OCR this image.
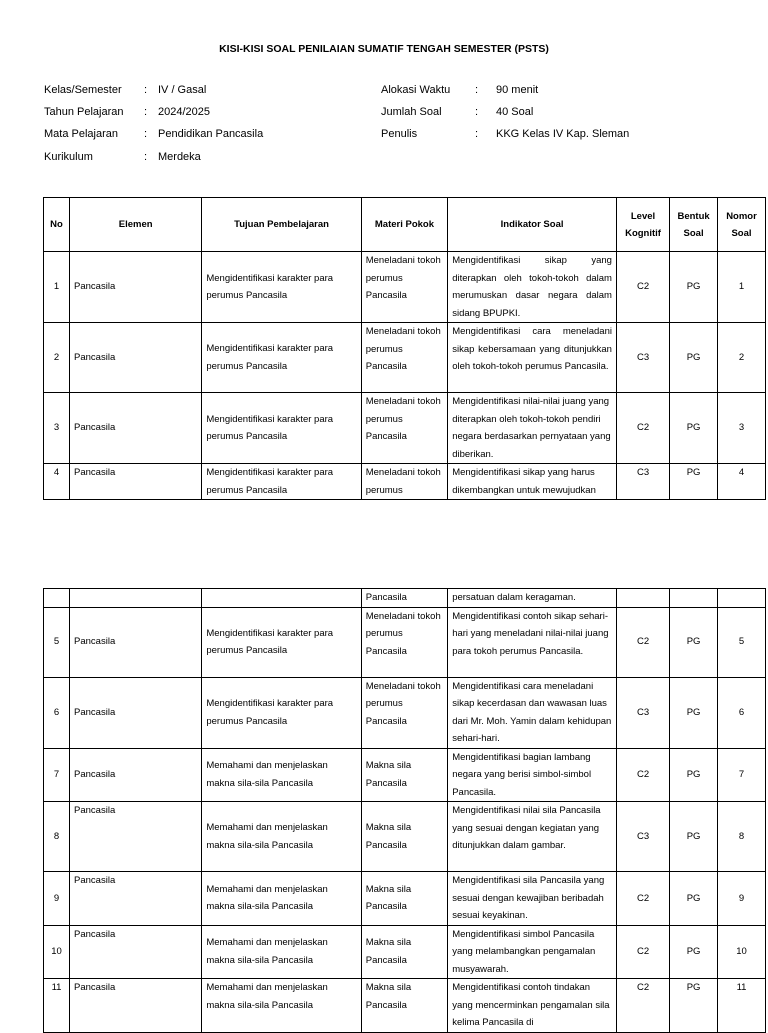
KISI-KISI SOAL PENILAIAN SUMATIF TENGAH SEMESTER (PSTS)
Kelas/Semester : IV / Gasal
Tahun Pelajaran : 2024/2025
Mata Pelajaran : Pendidikan Pancasila
Kurikulum	: Merdeka
Alokasi Waktu : 90 menit
Jumlah Soal	: 40 Soal
Penulis	: KKG Kelas IV Kap. Sleman
No	Elemen	Tujuan Pembelajaran	Materi Pokok	Indikator Soal	Level Kognitif	Bentuk Soal	Nomor Soal
1	Pancasila	Mengidentifikasi karakter para perumus Pancasila	Meneladani tokoh perumus Pancasila	Mengidentifikasi sikap yang diterapkan oleh tokoh-tokoh dalam merumuskan dasar negara dalam sidang BPUPKI.	C2	PG	1
2	Pancasila	Mengidentifikasi karakter para perumus Pancasila	Meneladani tokoh perumus Pancasila	Mengidentifikasi cara meneladani sikap kebersamaan yang ditunjukkan oleh tokoh-tokoh perumus Pancasila.	C3	PG	2
3	Pancasila	Mengidentifikasi karakter para perumus Pancasila	Meneladani tokoh perumus Pancasila	Mengidentifikasi nilai-nilai juang yang diterapkan oleh tokoh-tokoh pendiri negara berdasarkan pernyataan yang diberikan.	C2	PG	3
4	Pancasila	Mengidentifikasi karakter para perumus Pancasila	Meneladani tokoh perumus	Mengidentifikasi sikap yang harus dikembangkan untuk mewujudkan	C3	PG	4
			Pancasila	persatuan dalam keragaman.			
5	Pancasila	Mengidentifikasi karakter para perumus Pancasila	Meneladani tokoh perumus Pancasila	Mengidentifikasi contoh sikap sehari-hari yang meneladani nilai-nilai juang para tokoh perumus Pancasila.	C2	PG	5
6	Pancasila	Mengidentifikasi karakter para perumus Pancasila	Meneladani tokoh perumus Pancasila	Mengidentifikasi cara meneladani sikap kecerdasan dan wawasan luas dari Mr. Moh. Yamin dalam kehidupan sehari-hari.	C3	PG	6
7	Pancasila	Memahami dan menjelaskan makna sila-sila Pancasila	Makna sila Pancasila	Mengidentifikasi bagian lambang negara yang berisi simbol-simbol Pancasila.	C2	PG	7
8	Pancasila	Memahami dan menjelaskan makna sila-sila Pancasila	Makna sila Pancasila	Mengidentifikasi nilai sila Pancasila yang sesuai dengan kegiatan yang ditunjukkan dalam gambar.	C3	PG	8
9	Pancasila	Memahami dan menjelaskan makna sila-sila Pancasila	Makna sila Pancasila	Mengidentifikasi sila Pancasila yang sesuai dengan kewajiban beribadah sesuai keyakinan.	C2	PG	9
10	Pancasila	Memahami dan menjelaskan makna sila-sila Pancasila	Makna sila Pancasila	Mengidentifikasi simbol Pancasila yang melambangkan pengamalan musyawarah.	C2	PG	10
11	Pancasila	Memahami dan menjelaskan makna sila-sila Pancasila	Makna sila Pancasila	Mengidentifikasi contoh tindakan yang mencerminkan pengamalan sila kelima Pancasila di	C2	PG	11
